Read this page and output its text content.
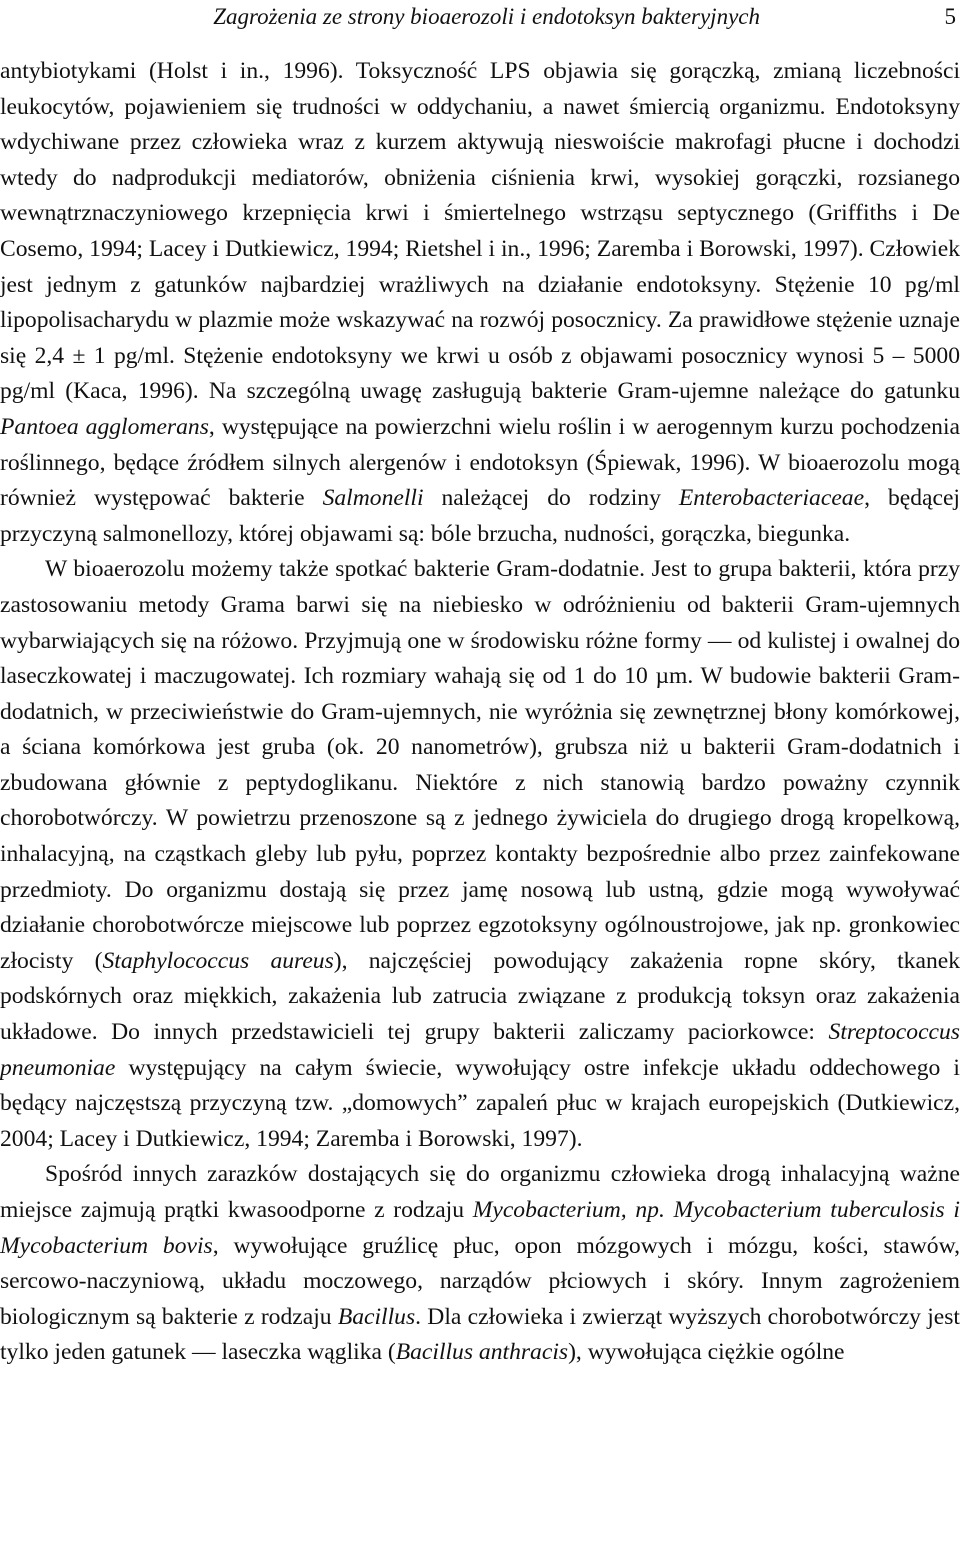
Zagrożenia ze strony bioaerozoli i endotoksyn bakteryjnych	5

antybiotykami (Holst i in., 1996). Toksyczność LPS objawia się gorączką, zmianą liczebności leukocytów, pojawieniem się trudności w oddychaniu, a nawet śmiercią organizmu. Endotoksyny wdychiwane przez człowieka wraz z kurzem aktywują nieswoiście makrofagi płucne i dochodzi wtedy do nadprodukcji mediatorów, obniżenia ciśnienia krwi, wysokiej gorączki, rozsianego wewnątrznaczyniowego krzepnięcia krwi i śmiertelnego wstrząsu septycznego (Griffiths i De Cosemo, 1994; Lacey i Dutkiewicz, 1994; Rietshel i in., 1996; Zaremba i Borowski, 1997). Człowiek jest jednym z gatunków najbardziej wrażliwych na działanie endotoksyny. Stężenie 10 pg/ml lipopolisacharydu w plazmie może wskazywać na rozwój posocznicy. Za prawidłowe stężenie uznaje się 2,4 ± 1 pg/ml. Stężenie endotoksyny we krwi u osób z objawami posocznicy wynosi 5 – 5000 pg/ml (Kaca, 1996). Na szczególną uwagę zasługują bakterie Gram-ujemne należące do gatunku Pantoea agglomerans, występujące na powierzchni wielu roślin i w aerogennym kurzu pochodzenia roślinnego, będące źródłem silnych alergenów i endotoksyn (Śpiewak, 1996). W bioaerozolu mogą również występować bakterie Salmonelli należącej do rodziny Enterobacteriaceae, będącej przyczyną salmonellozy, której objawami są: bóle brzucha, nudności, gorączka, biegunka.

W bioaerozolu możemy także spotkać bakterie Gram-dodatnie. Jest to grupa bakterii, która przy zastosowaniu metody Grama barwi się na niebiesko w odróżnieniu od bakterii Gram-ujemnych wybarwiających się na różowo. Przyjmują one w środowisku różne formy — od kulistej i owalnej do laseczkowatej i maczugowatej. Ich rozmiary wahają się od 1 do 10 µm. W budowie bakterii Gram-dodatnich, w przeciwieństwie do Gram-ujemnych, nie wyróżnia się zewnętrznej błony komórkowej, a ściana komórkowa jest gruba (ok. 20 nanometrów), grubsza niż u bakterii Gram-dodatnich i zbudowana głównie z peptydoglikanu. Niektóre z nich stanowią bardzo poważny czynnik chorobotwórczy. W powietrzu przenoszone są z jednego żywiciela do drugiego drogą kropelkową, inhalacyjną, na cząstkach gleby lub pyłu, poprzez kontakty bezpośrednie albo przez zainfekowane przedmioty. Do organizmu dostają się przez jamę nosową lub ustną, gdzie mogą wywoływać działanie chorobotwórcze miejscowe lub poprzez egzotoksyny ogólnoustrojowe, jak np. gronkowiec złocisty (Staphylococcus aureus), najczęściej powodujący zakażenia ropne skóry, tkanek podskórnych oraz miękkich, zakażenia lub zatrucia związane z produkcją toksyn oraz zakażenia układowe. Do innych przedstawicieli tej grupy bakterii zaliczamy paciorkowce: Streptococcus pneumoniae występujący na całym świecie, wywołujący ostre infekcje układu oddechowego i będący najczęstszą przyczyną tzw. „domowych” zapaleń płuc w krajach europejskich (Dutkiewicz, 2004; Lacey i Dutkiewicz, 1994; Zaremba i Borowski, 1997).

Spośród innych zarazków dostających się do organizmu człowieka drogą inhalacyjną ważne miejsce zajmują prątki kwasoodporne z rodzaju Mycobacterium, np. Mycobacterium tuberculosis i Mycobacterium bovis, wywołujące gruźlicę płuc, opon mózgowych i mózgu, kości, stawów, sercowo-naczyniową, układu moczowego, narządów płciowych i skóry. Innym zagrożeniem biologicznym są bakterie z rodzaju Bacillus. Dla człowieka i zwierząt wyższych chorobotwórczy jest tylko jeden gatunek — laseczka wąglika (Bacillus anthracis), wywołująca ciężkie ogólne
